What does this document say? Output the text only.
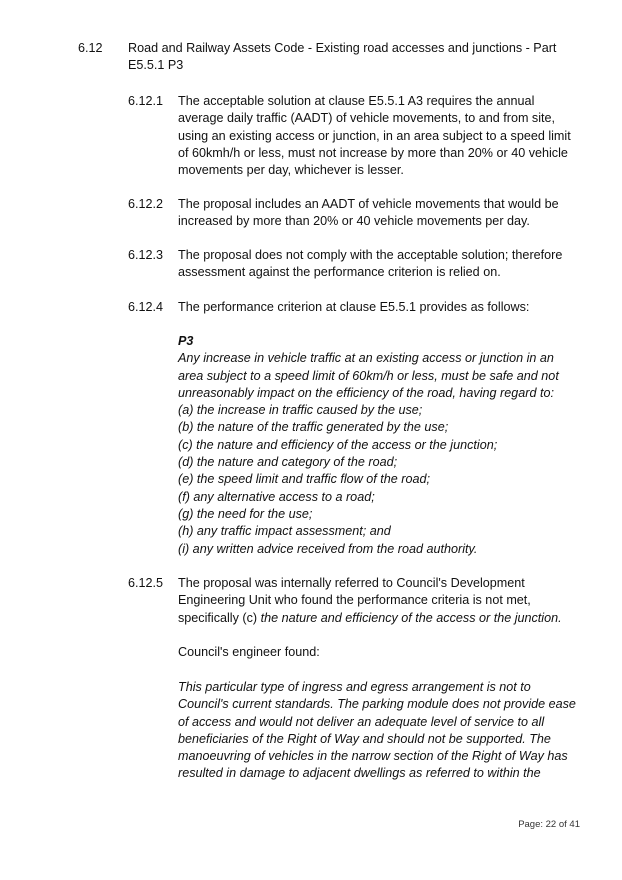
6.12 Road and Railway Assets Code - Existing road accesses and junctions - Part E5.5.1 P3
6.12.1 The acceptable solution at clause E5.5.1 A3 requires the annual average daily traffic (AADT) of vehicle movements, to and from site, using an existing access or junction, in an area subject to a speed limit of 60kmh/h or less, must not increase by more than 20% or 40 vehicle movements per day, whichever is lesser.
6.12.2 The proposal includes an AADT of vehicle movements that would be increased by more than 20% or 40 vehicle movements per day.
6.12.3 The proposal does not comply with the acceptable solution; therefore assessment against the performance criterion is relied on.
6.12.4 The performance criterion at clause E5.5.1 provides as follows:
P3
Any increase in vehicle traffic at an existing access or junction in an area subject to a speed limit of 60km/h or less, must be safe and not unreasonably impact on the efficiency of the road, having regard to:
(a) the increase in traffic caused by the use;
(b) the nature of the traffic generated by the use;
(c) the nature and efficiency of the access or the junction;
(d) the nature and category of the road;
(e) the speed limit and traffic flow of the road;
(f) any alternative access to a road;
(g) the need for the use;
(h) any traffic impact assessment; and
(i) any written advice received from the road authority.
6.12.5 The proposal was internally referred to Council's Development Engineering Unit who found the performance criteria is not met, specifically (c) the nature and efficiency of the access or the junction.
Council's engineer found:
This particular type of ingress and egress arrangement is not to Council's current standards. The parking module does not provide ease of access and would not deliver an adequate level of service to all beneficiaries of the Right of Way and should not be supported. The manoeuvring of vehicles in the narrow section of the Right of Way has resulted in damage to adjacent dwellings as referred to within the
Page: 22 of 41
